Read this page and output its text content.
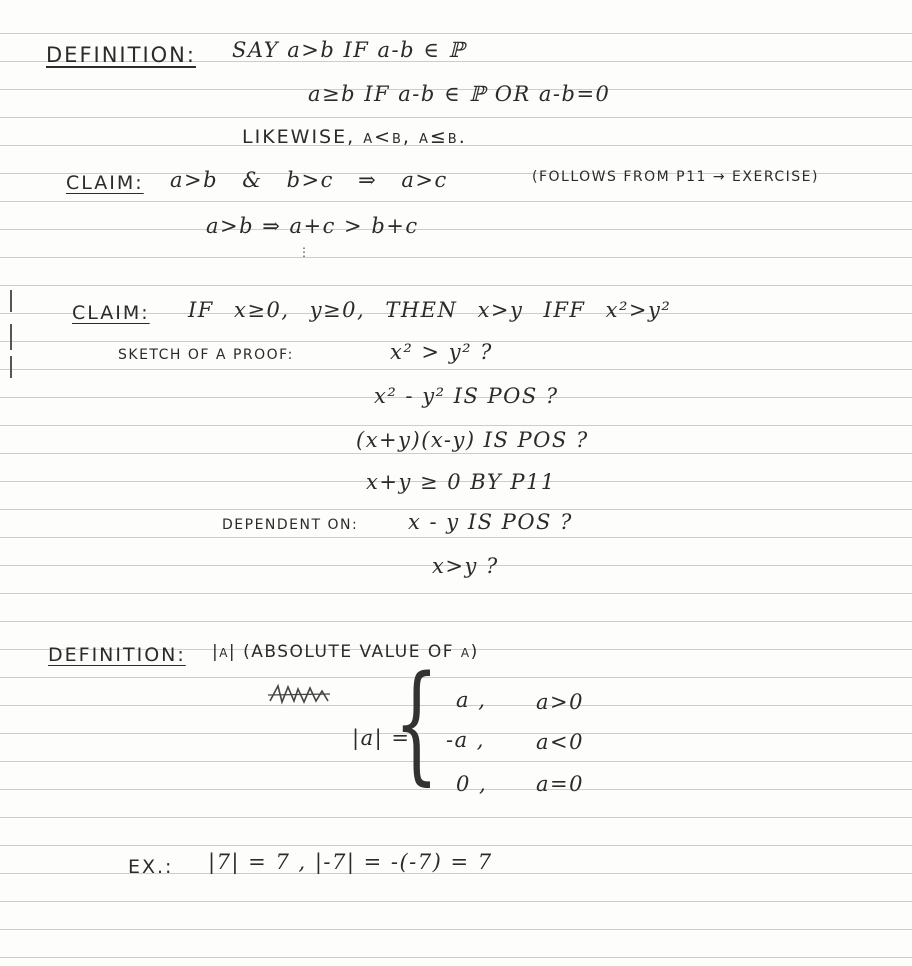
DEFINITION: SAY a>b IF a-b ∈ ℙ
a≥b IF a-b ∈ ℙ OR a-b=0
LIKEWISE, a<b, a≤b.
CLAIM: a>b & b>c ⇒ a>c	(FOLLOWS FROM P11 → EXERCISE)
a>b ⇒ a+c > b+c
⋮
CLAIM: IF x≥0, y≥0, THEN x>y IFF x²>y²
SKETCH OF A PROOF:	x² > y² ?
x² - y² IS POS ?
(x+y)(x-y) IS POS ?
x+y ≥ 0 BY P11
DEPENDENT ON: x - y IS POS ?
x>y ?
DEFINITION: |a| (ABSOLUTE VALUE OF a)
|a| =
{ a , a>0
-a , a<0
0 , a=0
EX.: |7| = 7 , |-7| = -(-7) = 7
